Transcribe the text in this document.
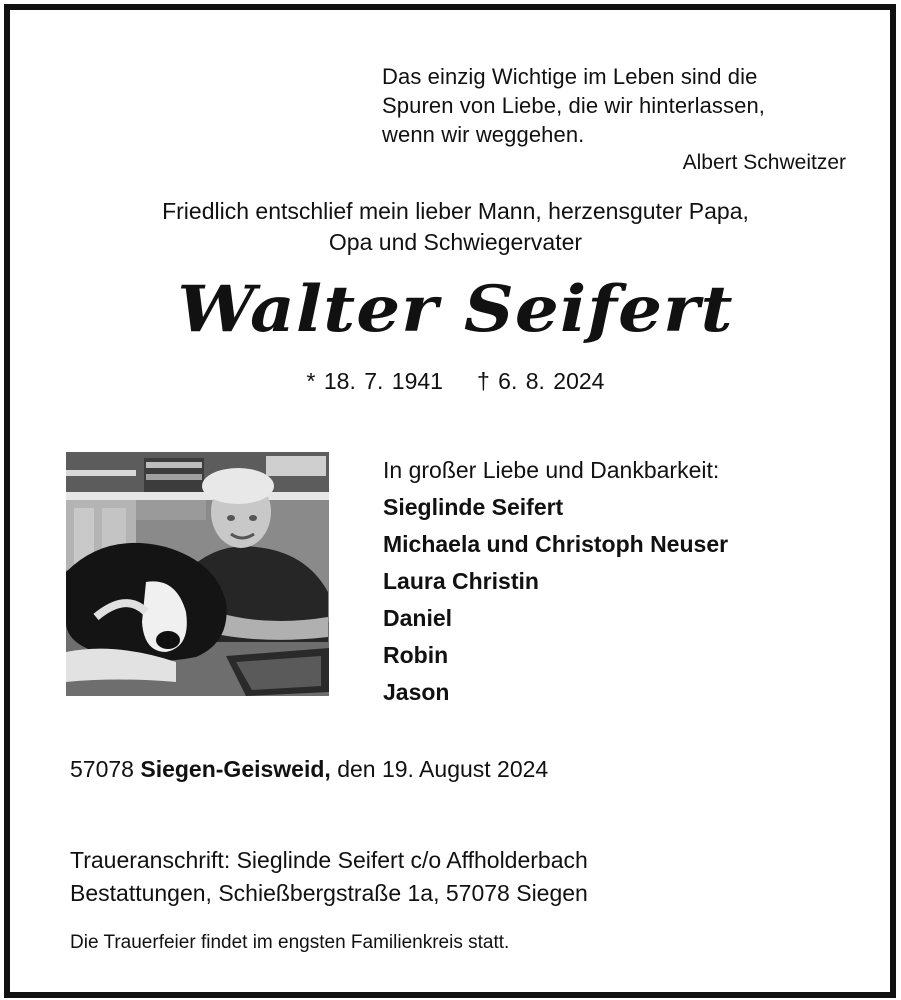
Das einzig Wichtige im Leben sind die
Spuren von Liebe, die wir hinterlassen,
wenn wir weggehen.
Albert Schweitzer
Friedlich entschlief mein lieber Mann, herzensguter Papa,
Opa und Schwiegervater
Walter Seifert
* 18. 7. 1941 † 6. 8. 2024
In großer Liebe und Dankbarkeit:
Sieglinde Seifert
Michaela und Christoph Neuser
Laura Christin
Daniel
Robin
Jason
57078 Siegen-Geisweid, den 19. August 2024
Traueranschrift: Sieglinde Seifert c/o Affholderbach
Bestattungen, Schießbergstraße 1a, 57078 Siegen
Die Trauerfeier findet im engsten Familienkreis statt.
